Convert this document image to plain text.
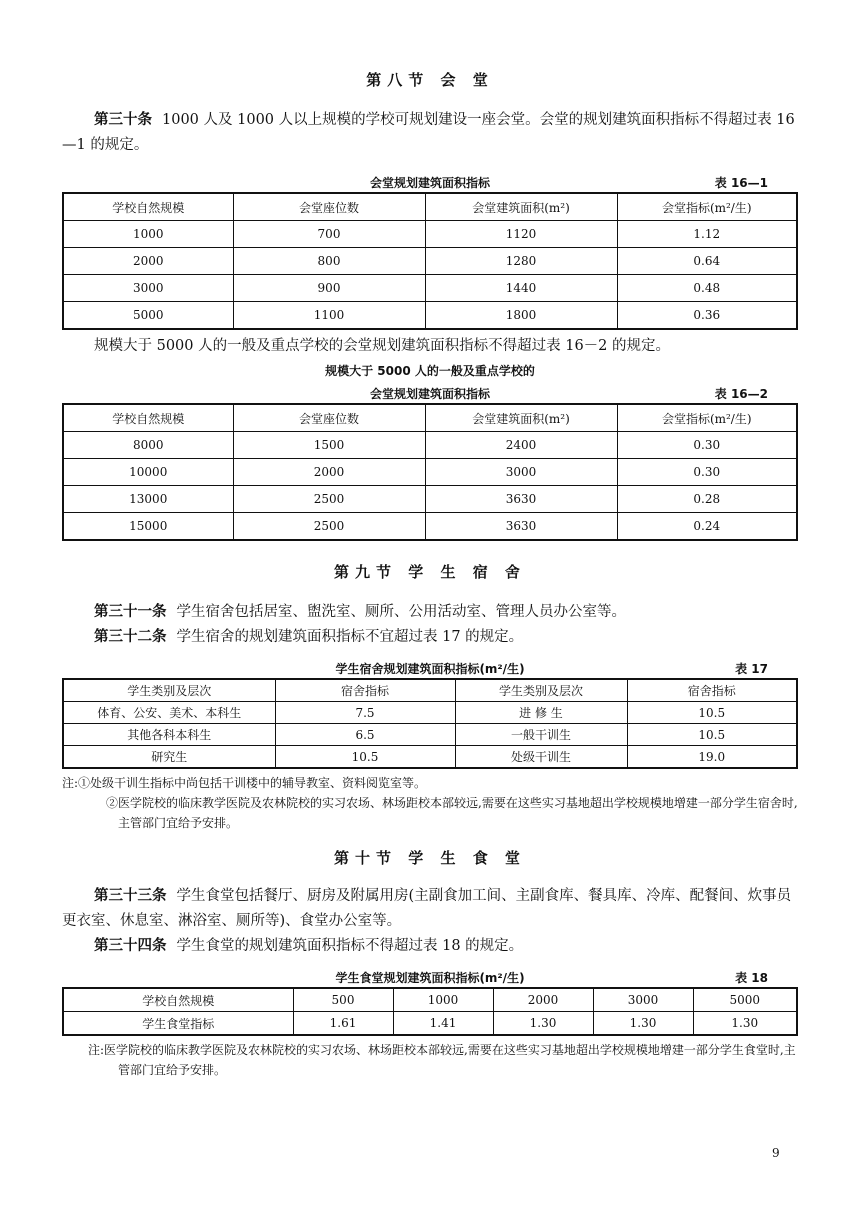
第八节 会 堂

第三十条 1000 人及 1000 人以上规模的学校可规划建设一座会堂。会堂的规划建筑面积指标不得超过表 16—1 的规定。

会堂规划建筑面积指标	表 16—1
学校自然规模	会堂座位数	会堂建筑面积(m²)	会堂指标(m²/生)
1000	700	1120	1.12
2000	800	1280	0.64
3000	900	1440	0.48
5000	1100	1800	0.36

规模大于 5000 人的一般及重点学校的会堂规划建筑面积指标不得超过表 16－2 的规定。

规模大于 5000 人的一般及重点学校的
会堂规划建筑面积指标	表 16—2
学校自然规模	会堂座位数	会堂建筑面积(m²)	会堂指标(m²/生)
8000	1500	2400	0.30
10000	2000	3000	0.30
13000	2500	3630	0.28
15000	2500	3630	0.24
第九节 学 生 宿 舍

第三十一条 学生宿舍包括居室、盥洗室、厕所、公用活动室、管理人员办公室等。

第三十二条 学生宿舍的规划建筑面积指标不宜超过表 17 的规定。

学生宿舍规划建筑面积指标(m²/生)	表 17
学生类别及层次	宿舍指标	学生类别及层次	宿舍指标
体育、公安、美术、本科生	7.5	进 修 生	10.5
其他各科本科生	6.5	一般干训生	10.5
研究生	10.5	处级干训生	19.0

注:①处级干训生指标中尚包括干训楼中的辅导教室、资料阅览室等。

②医学院校的临床教学医院及农林院校的实习农场、林场距校本部较远,需要在这些实习基地超出学校规模地增建一部分学生宿舍时,主管部门宜给予安排。

第十节 学 生 食 堂

第三十三条 学生食堂包括餐厅、厨房及附属用房(主副食加工间、主副食库、餐具库、冷库、配餐间、炊事员更衣室、休息室、淋浴室、厕所等)、食堂办公室等。

第三十四条 学生食堂的规划建筑面积指标不得超过表 18 的规定。

学生食堂规划建筑面积指标(m²/生)	表 18
学校自然规模	500	1000	2000	3000	5000
学生食堂指标	1.61	1.41	1.30	1.30	1.30

注:医学院校的临床教学医院及农林院校的实习农场、林场距校本部较远,需要在这些实习基地超出学校规模地增建一部分学生食堂时,主管部门宜给予安排。

9
